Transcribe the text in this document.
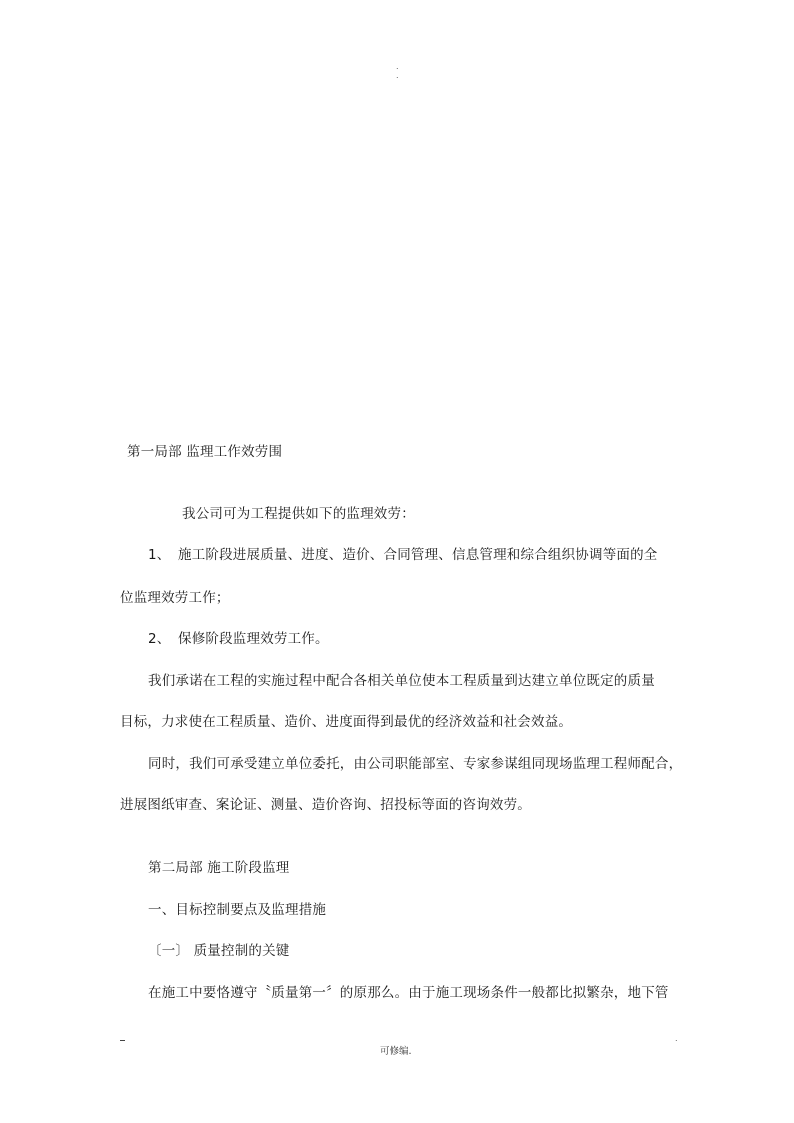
.
.
第一局部 监理工作效劳围
我公司可为工程提供如下的监理效劳：
1、 施工阶段进展质量、进度、造价、合同管理、信息管理和综合组织协调等面的全
位监理效劳工作；
2、 保修阶段监理效劳工作。
我们承诺在工程的实施过程中配合各相关单位使本工程质量到达建立单位既定的质量
目标，力求使在工程质量、造价、进度面得到最优的经济效益和社会效益。
同时，我们可承受建立单位委托，由公司职能部室、专家参谋组同现场监理工程师配合，
进展图纸审查、案论证、测量、造价咨询、招投标等面的咨询效劳。
第二局部 施工阶段监理
一、目标控制要点及监理措施
〔一〕 质量控制的关键
在施工中要恪遵守〝质量第一〞的原那么。由于施工现场条件一般都比拟繁杂，地下管
可修编.
.
